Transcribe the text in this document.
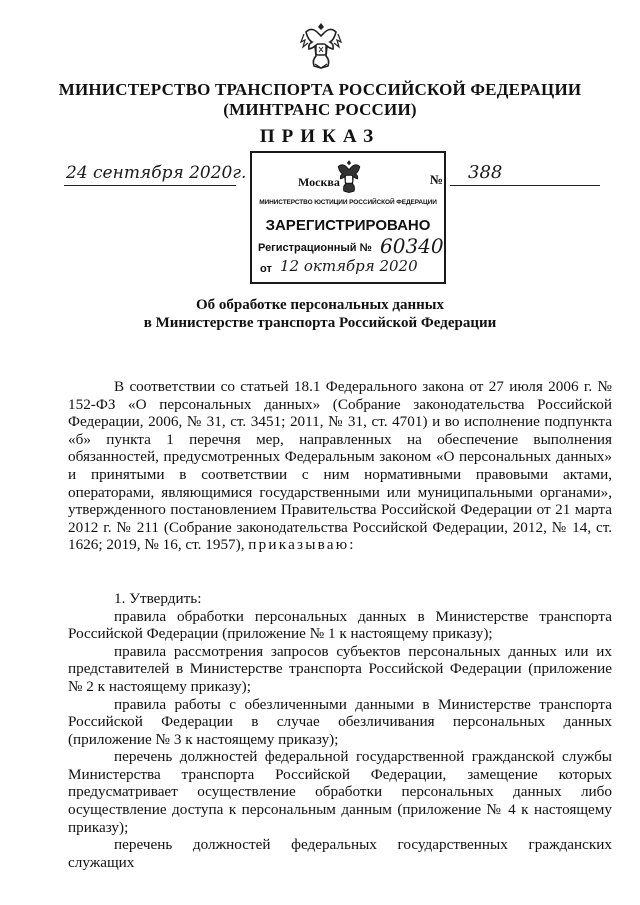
МИНИСТЕРСТВО ТРАНСПОРТА РОССИЙСКОЙ ФЕДЕРАЦИИ
(МИНТРАНС РОССИИ)
ПРИКАЗ
24 сентября 2020г.	Москва
МИНИСТЕРСТВО ЮСТИЦИИ РОССИЙСКОЙ ФЕДЕРАЦИИ
ЗАРЕГИСТРИРОВАНО
Регистрационный № 60340
от 12 октября 2020
№ 388
Об обработке персональных данных
в Министерстве транспорта Российской Федерации

В соответствии со статьей 18.1 Федерального закона от 27 июля 2006 г. № 152-ФЗ «О персональных данных» (Собрание законодательства Российской Федерации, 2006, № 31, ст. 3451; 2011, № 31, ст. 4701) и во исполнение подпункта «б» пункта 1 перечня мер, направленных на обеспечение выполнения обязанностей, предусмотренных Федеральным законом «О персональных данных» и принятыми в соответствии с ним нормативными правовыми актами, операторами, являющимися государственными или муниципальными органами», утвержденного постановлением Правительства Российской Федерации от 21 марта 2012 г. № 211 (Собрание законодательства Российской Федерации, 2012, № 14, ст. 1626; 2019, № 16, ст. 1957), приказываю:

1. Утвердить:

правила обработки персональных данных в Министерстве транспорта Российской Федерации (приложение № 1 к настоящему приказу);

правила рассмотрения запросов субъектов персональных данных или их представителей в Министерстве транспорта Российской Федерации (приложение № 2 к настоящему приказу);

правила работы с обезличенными данными в Министерстве транспорта Российской Федерации в случае обезличивания персональных данных (приложение № 3 к настоящему приказу);

перечень должностей федеральной государственной гражданской службы Министерства транспорта Российской Федерации, замещение которых предусматривает осуществление обработки персональных данных либо осуществление доступа к персональным данным (приложение № 4 к настоящему приказу);

перечень должностей федеральных государственных гражданских служащих
